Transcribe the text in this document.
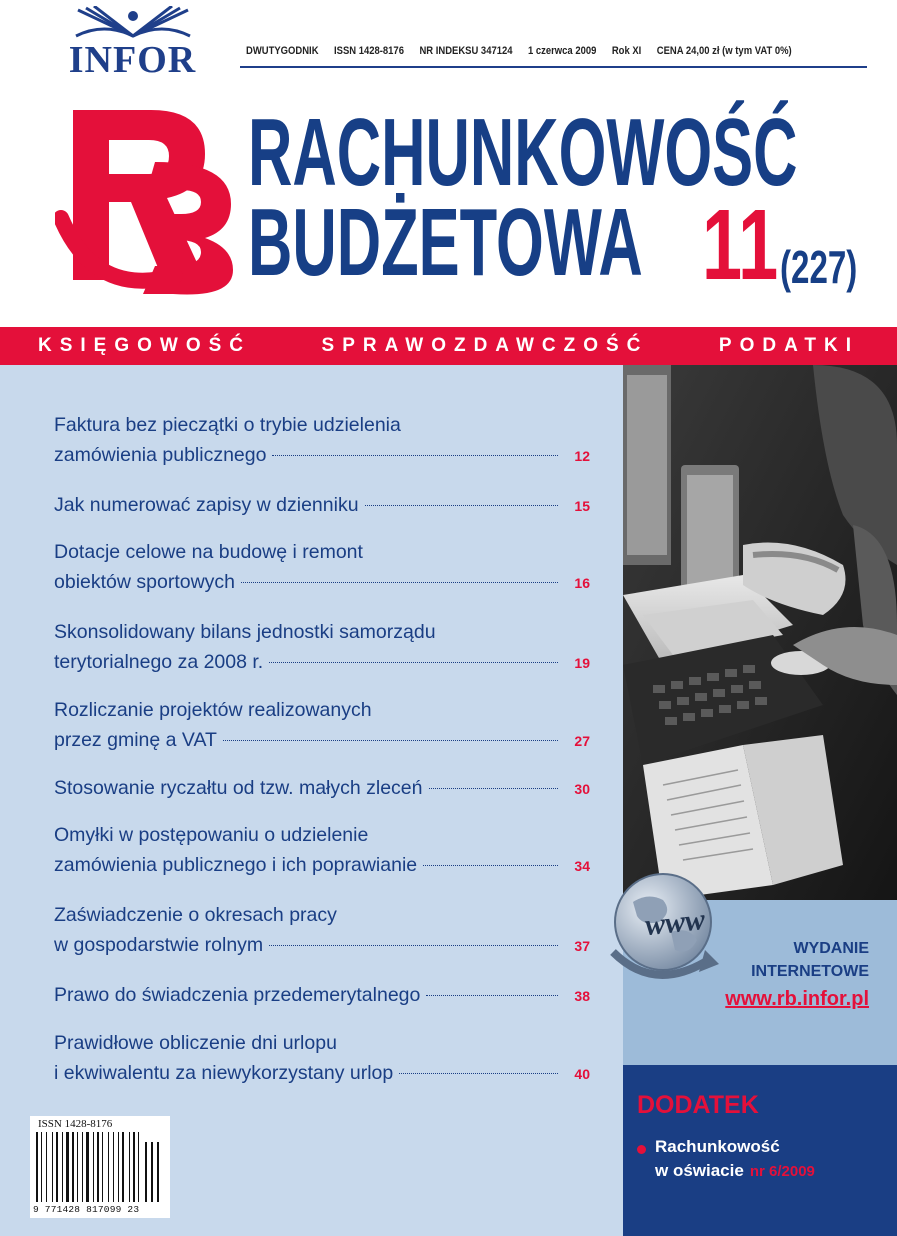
INFOR	DWUTYGODNIK ISSN 1428-8176 NR INDEKSU 347124 1 czerwca 2009 Rok XI CENA 24,00 zł (w tym VAT 0%)
RACHUNKOWOŚĆ
BUDŻETOWA 11 (227)
KSIĘGOWOŚĆ	SPRAWOZDAWCZOŚĆ	PODATKI
Faktura bez pieczątki o trybie udzielenia
zamówienia publicznego	12
Jak numerować zapisy w dzienniku	15
Dotacje celowe na budowę i remont
obiektów sportowych	16
Skonsolidowany bilans jednostki samorządu
terytorialnego za 2008 r.	19
Rozliczanie projektów realizowanych
przez gminę a VAT	27
Stosowanie ryczałtu od tzw. małych zleceń	30
Omyłki w postępowaniu o udzielenie
zamówienia publicznego i ich poprawianie	34
Zaświadczenie o okresach pracy
w gospodarstwie rolnym	37
Prawo do świadczenia przedemerytalnego	38
Prawidłowe obliczenie dni urlopu
i ekwiwalentu za niewykorzystany urlop	40
ISSN 1428-8176
9 771428 817099 23
www
WYDANIE
INTERNETOWE
www.rb.infor.pl
DODATEK
Rachunkowość
w oświacie nr 6/2009
